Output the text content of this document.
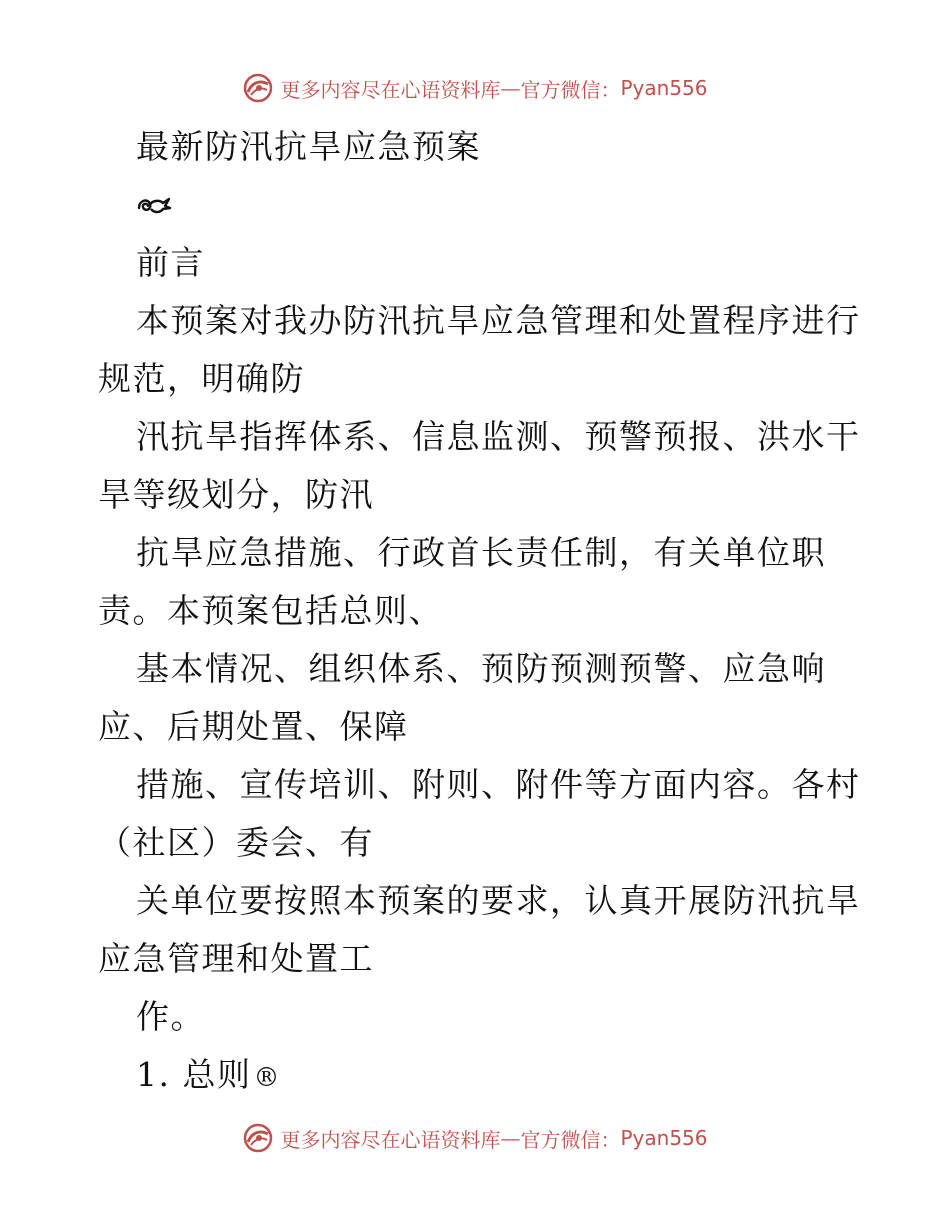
更多内容尽在心语资料库 — 官方微信： Pyan556
最新防汛抗旱应急预案
前言
本预案对我办防汛抗旱应急管理和处置程序进行
规范，明确防
汛抗旱指挥体系、信息监测、预警预报、洪水干
旱等级划分，防汛
抗旱应急措施、行政首长责任制，有关单位职
责。本预案包括总则、
基本情况、组织体系、预防预测预警、应急响
应、后期处置、保障
措施、宣传培训、附则、附件等方面内容。各村
（社区）委会、有
关单位要按照本预案的要求，认真开展防汛抗旱
应急管理和处置工
作。
1. 总则®
更多内容尽在心语资料库 — 官方微信： Pyan556
